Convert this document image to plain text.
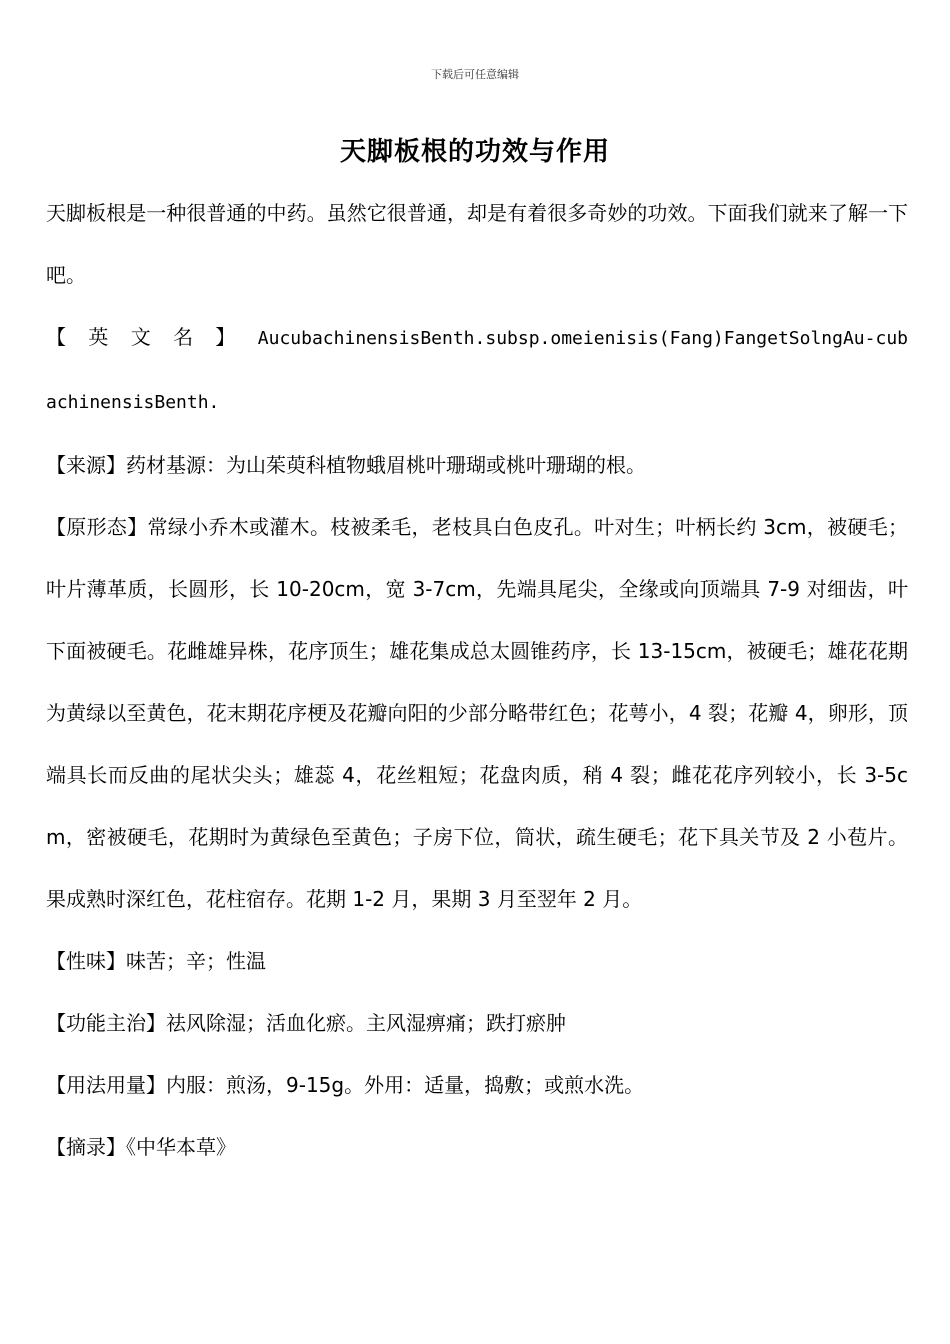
下载后可任意编辑
天脚板根的功效与作用

天脚板根是一种很普通的中药。虽然它很普通，却是有着很多奇妙的功效。下面我们就来了解一下吧。

【英文名】AucubachinensisBenth.subsp.omeienisis(Fang)FangetSolngAu-cubachinensisBenth.

【来源】药材基源：为山茱萸科植物蛾眉桃叶珊瑚或桃叶珊瑚的根。

【原形态】常绿小乔木或灌木。枝被柔毛，老枝具白色皮孔。叶对生；叶柄长约 3cm，被硬毛；叶片薄革质，长圆形，长 10-20cm，宽 3-7cm，先端具尾尖，全缘或向顶端具 7-9 对细齿，叶下面被硬毛。花雌雄异株，花序顶生；雄花集成总太圆锥药序，长 13-15cm，被硬毛；雄花花期为黄绿以至黄色，花末期花序梗及花瓣向阳的少部分略带红色；花萼小，4 裂；花瓣 4，卵形，顶端具长而反曲的尾状尖头；雄蕊 4，花丝粗短；花盘肉质，稍 4 裂；雌花花序列较小，长 3-5cm，密被硬毛，花期时为黄绿色至黄色；子房下位，筒状，疏生硬毛；花下具关节及 2 小苞片。果成熟时深红色，花柱宿存。花期 1-2 月，果期 3 月至翌年 2 月。

【性味】味苦；辛；性温

【功能主治】祛风除湿；活血化瘀。主风湿痹痛；跌打瘀肿

【用法用量】内服：煎汤，9-15g。外用：适量，捣敷；或煎水洗。

【摘录】《中华本草》
